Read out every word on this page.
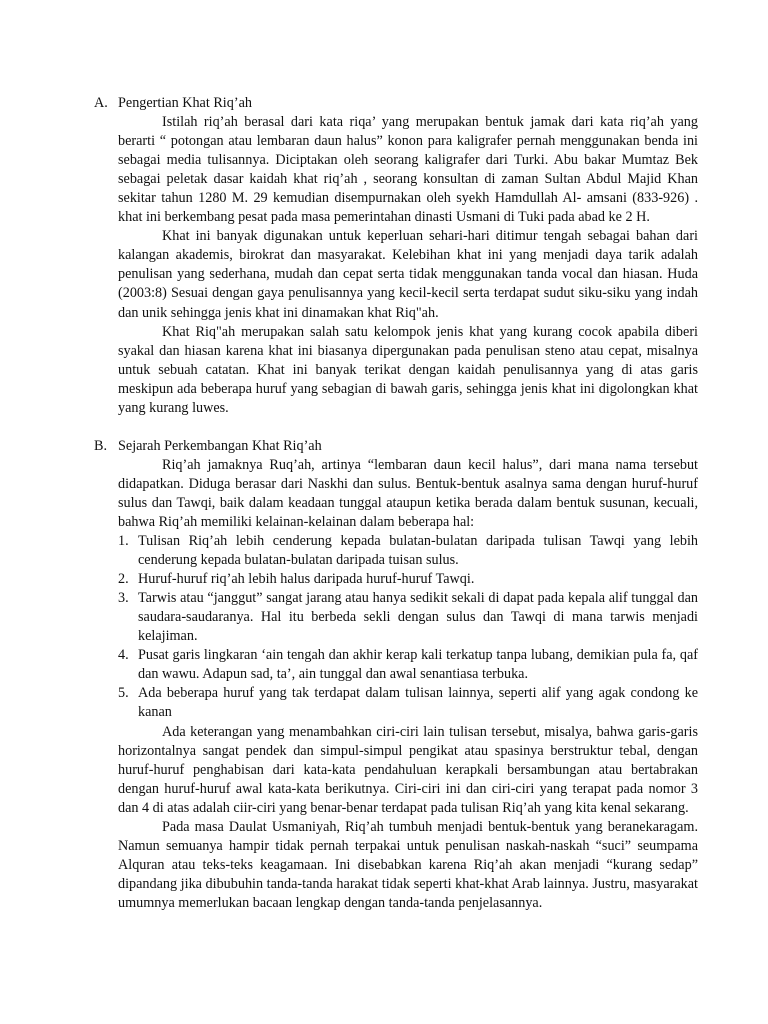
A. Pengertian Khat Riq’ah

Istilah riq’ah berasal dari kata riqa’ yang merupakan bentuk jamak dari kata riq’ah yang berarti “ potongan atau lembaran daun halus” konon para kaligrafer pernah menggunakan benda ini sebagai media tulisannya. Diciptakan oleh seorang kaligrafer dari Turki. Abu bakar Mumtaz Bek sebagai peletak dasar kaidah khat riq’ah , seorang konsultan di zaman Sultan Abdul Majid Khan sekitar tahun 1280 M. 29 kemudian disempurnakan oleh syekh Hamdullah Al- amsani (833-926) . khat ini berkembang pesat pada masa pemerintahan dinasti Usmani di Tuki pada abad ke 2 H.

Khat ini banyak digunakan untuk keperluan sehari-hari ditimur tengah sebagai bahan dari kalangan akademis, birokrat dan masyarakat. Kelebihan khat ini yang menjadi daya tarik adalah penulisan yang sederhana, mudah dan cepat serta tidak menggunakan tanda vocal dan hiasan. Huda (2003:8) Sesuai dengan gaya penulisannya yang kecil-kecil serta terdapat sudut siku-siku yang indah dan unik sehingga jenis khat ini dinamakan khat Riq"ah.

Khat Riq"ah merupakan salah satu kelompok jenis khat yang kurang cocok apabila diberi syakal dan hiasan karena khat ini biasanya dipergunakan pada penulisan steno atau cepat, misalnya untuk sebuah catatan. Khat ini banyak terikat dengan kaidah penulisannya yang di atas garis meskipun ada beberapa huruf yang sebagian di bawah garis, sehingga jenis khat ini digolongkan khat yang kurang luwes.

B. Sejarah Perkembangan Khat Riq’ah

Riq’ah jamaknya Ruq’ah, artinya “lembaran daun kecil halus”, dari mana nama tersebut didapatkan. Diduga berasar dari Naskhi dan sulus. Bentuk-bentuk asalnya sama dengan huruf-huruf sulus dan Tawqi, baik dalam keadaan tunggal ataupun ketika berada dalam bentuk susunan, kecuali, bahwa Riq’ah memiliki kelainan-kelainan dalam beberapa hal:

1. Tulisan Riq’ah lebih cenderung kepada bulatan-bulatan daripada tulisan Tawqi yang lebih cenderung kepada bulatan-bulatan daripada tuisan sulus.
2. Huruf-huruf riq’ah lebih halus daripada huruf-huruf Tawqi.
3. Tarwis atau “janggut” sangat jarang atau hanya sedikit sekali di dapat pada kepala alif tunggal dan saudara-saudaranya. Hal itu berbeda sekli dengan sulus dan Tawqi di mana tarwis menjadi kelajiman.
4. Pusat garis lingkaran ‘ain tengah dan akhir kerap kali terkatup tanpa lubang, demikian pula fa, qaf dan wawu. Adapun sad, ta’, ain tunggal dan awal senantiasa terbuka.
5. Ada beberapa huruf yang tak terdapat dalam tulisan lainnya, seperti alif yang agak condong ke kanan

Ada keterangan yang menambahkan ciri-ciri lain tulisan tersebut, misalya, bahwa garis-garis horizontalnya sangat pendek dan simpul-simpul pengikat atau spasinya berstruktur tebal, dengan huruf-huruf penghabisan dari kata-kata pendahuluan kerapkali bersambungan atau bertabrakan dengan huruf-huruf awal kata-kata berikutnya. Ciri-ciri ini dan ciri-ciri yang terapat pada nomor 3 dan 4 di atas adalah ciir-ciri yang benar-benar terdapat pada tulisan Riq’ah yang kita kenal sekarang.

Pada masa Daulat Usmaniyah, Riq’ah tumbuh menjadi bentuk-bentuk yang beranekaragam. Namun semuanya hampir tidak pernah terpakai untuk penulisan naskah-naskah “suci” seumpama Alquran atau teks-teks keagamaan. Ini disebabkan karena Riq’ah akan menjadi “kurang sedap” dipandang jika dibubuhin tanda-tanda harakat tidak seperti khat-khat Arab lainnya. Justru, masyarakat umumnya memerlukan bacaan lengkap dengan tanda-tanda penjelasannya.
